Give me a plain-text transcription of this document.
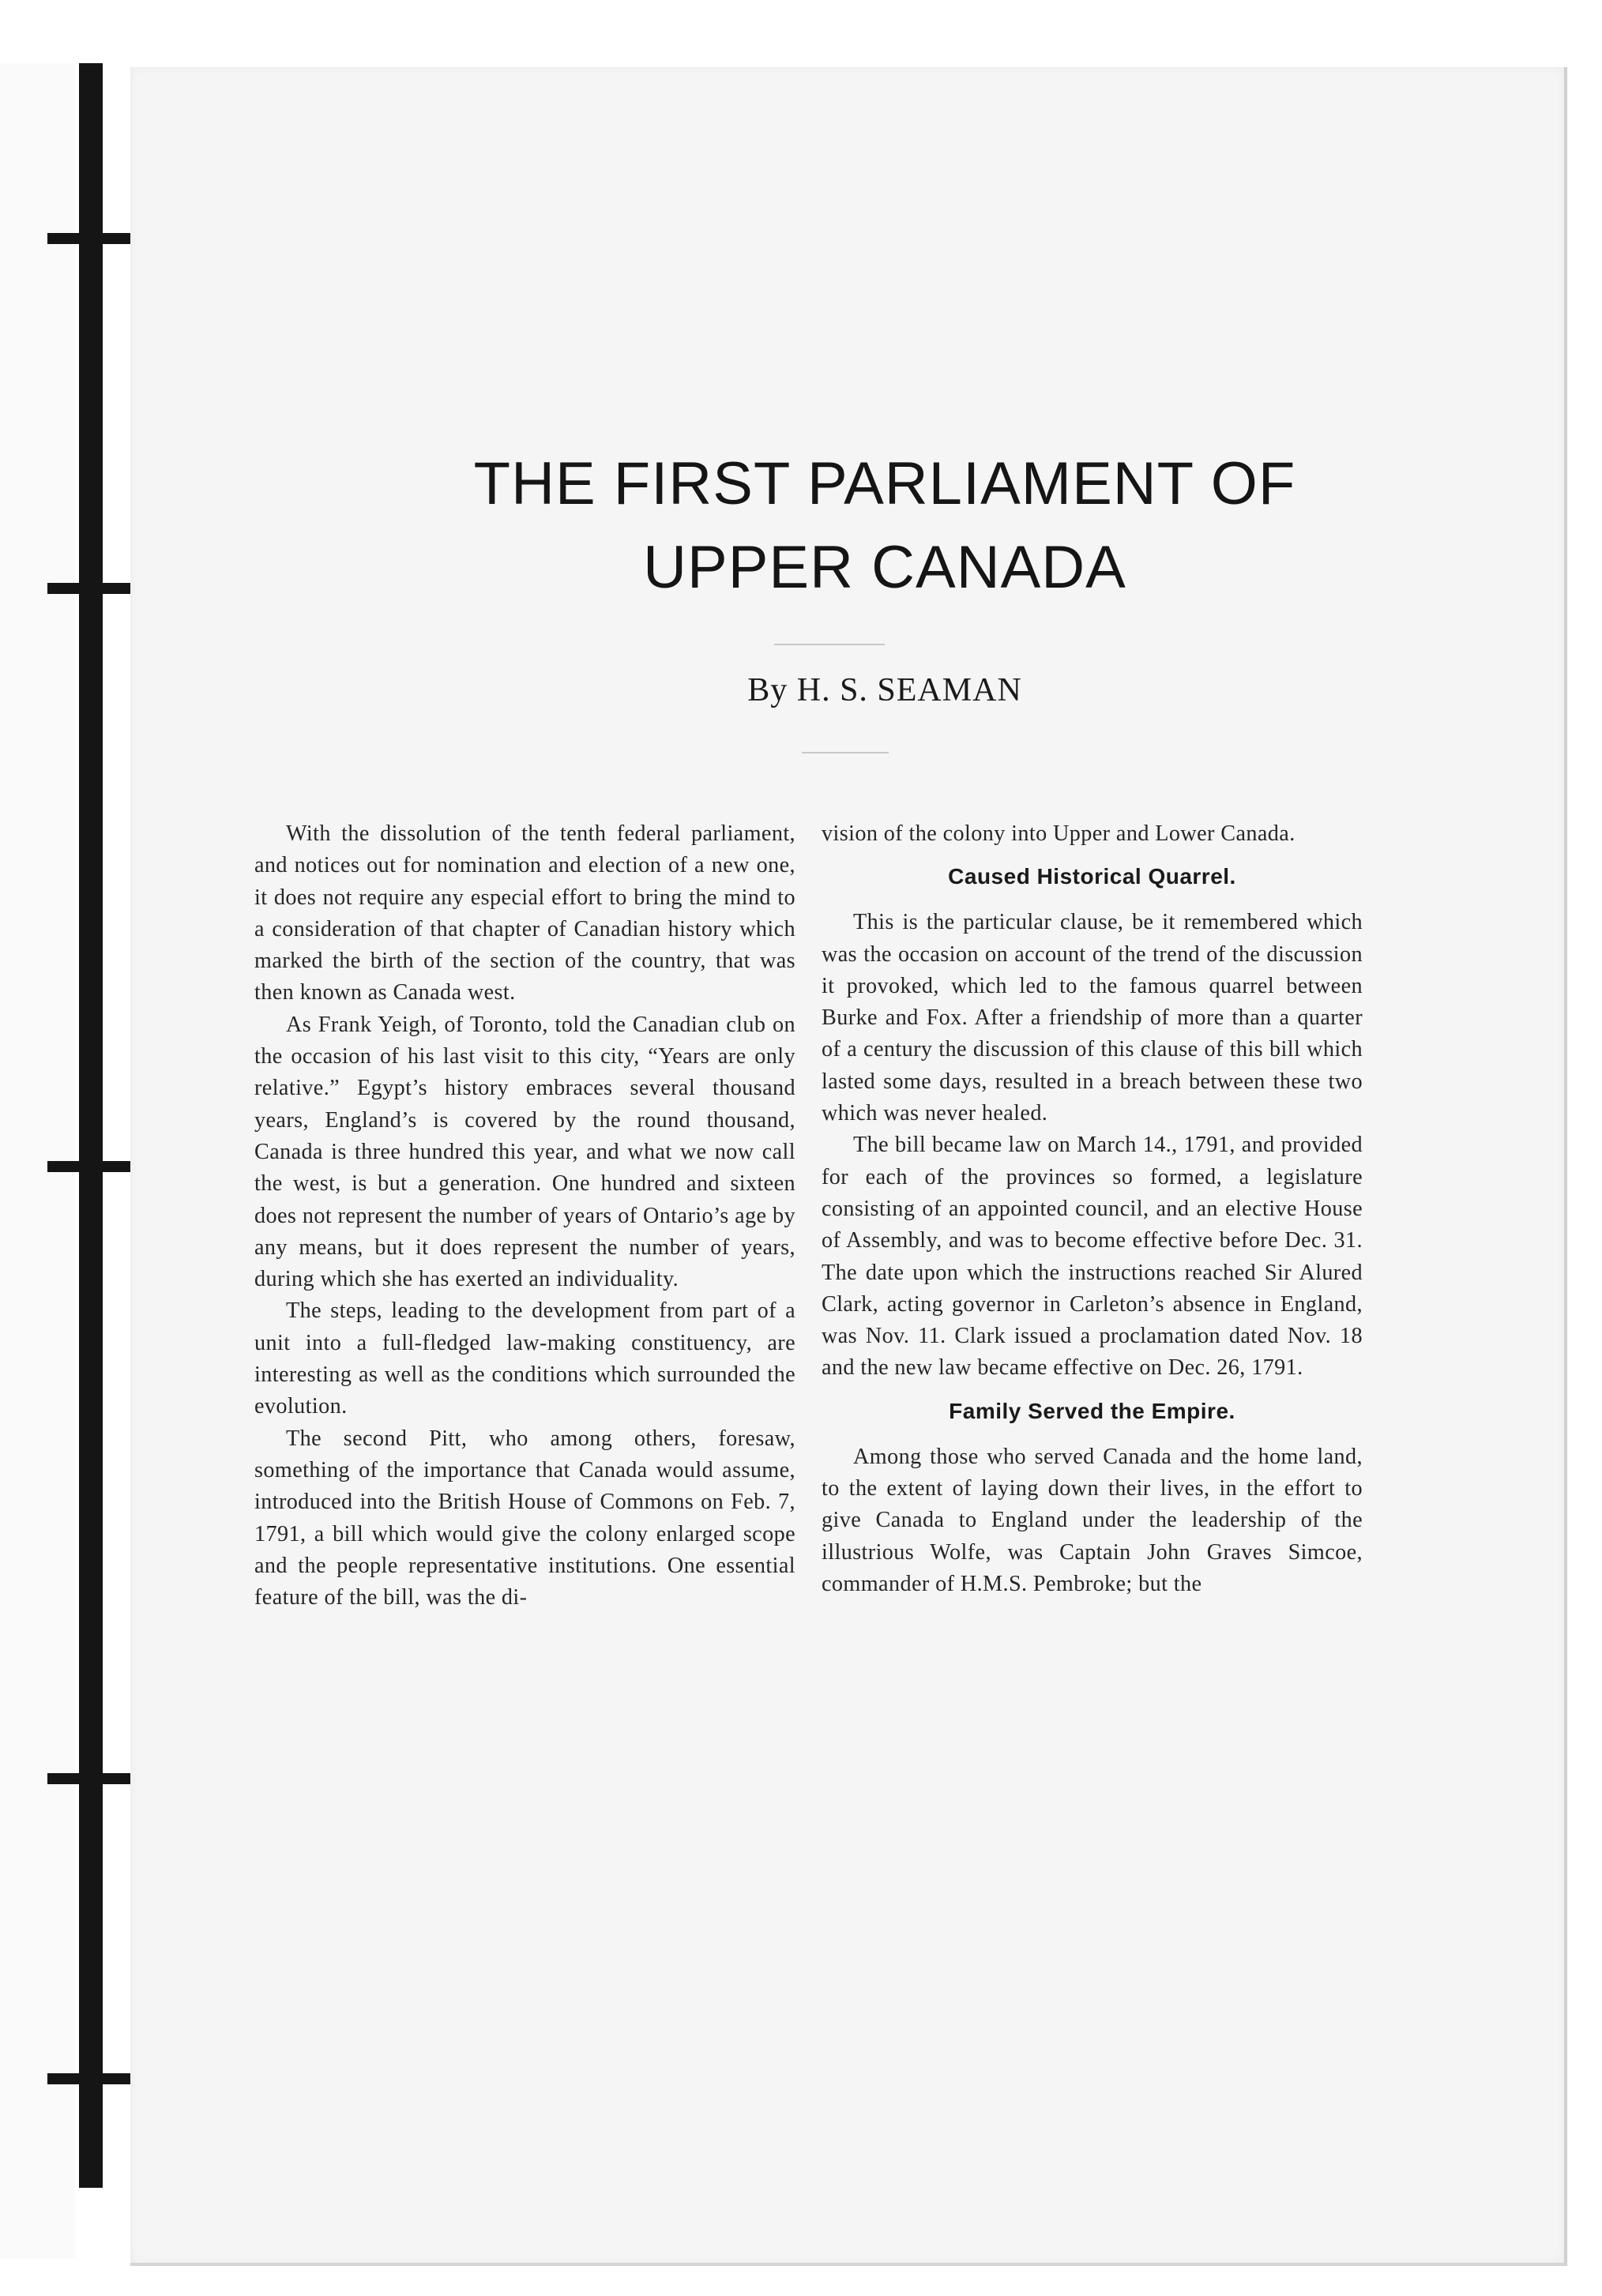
THE FIRST PARLIAMENT OF
UPPER CANADA
By H. S. SEAMAN

With the dissolution of the tenth federal parliament, and notices out for nomination and election of a new one, it does not require any especial effort to bring the mind to a consideration of that chapter of Canadian history which marked the birth of the section of the country, that was then known as Canada west.

As Frank Yeigh, of Toronto, told the Canadian club on the occasion of his last visit to this city, “Years are only relative.” Egypt’s history embraces several thousand years, England’s is covered by the round thousand, Canada is three hundred this year, and what we now call the west, is but a generation. One hundred and sixteen does not represent the number of years of Ontario’s age by any means, but it does represent the number of years, during which she has exerted an individuality.

The steps, leading to the development from part of a unit into a full-fledged law-making constituency, are interesting as well as the conditions which surrounded the evolution.

The second Pitt, who among others, foresaw, something of the importance that Canada would assume, introduced into the British House of Commons on Feb. 7, 1791, a bill which would give the colony enlarged scope and the people representative institutions. One essential feature of the bill, was the di-

vision of the colony into Upper and Lower Canada.

Caused Historical Quarrel.

This is the particular clause, be it remembered which was the occasion on account of the trend of the discussion it provoked, which led to the famous quarrel between Burke and Fox. After a friendship of more than a quarter of a century the discussion of this clause of this bill which lasted some days, resulted in a breach between these two which was never healed.

The bill became law on March 14., 1791, and provided for each of the provinces so formed, a legislature consisting of an appointed council, and an elective House of Assembly, and was to become effective before Dec. 31. The date upon which the instructions reached Sir Alured Clark, acting governor in Carleton’s absence in England, was Nov. 11. Clark issued a proclamation dated Nov. 18 and the new law became effective on Dec. 26, 1791.

Family Served the Empire.

Among those who served Canada and the home land, to the extent of laying down their lives, in the effort to give Canada to England under the leadership of the illustrious Wolfe, was Captain John Graves Simcoe, commander of H.M.S. Pembroke; but the
